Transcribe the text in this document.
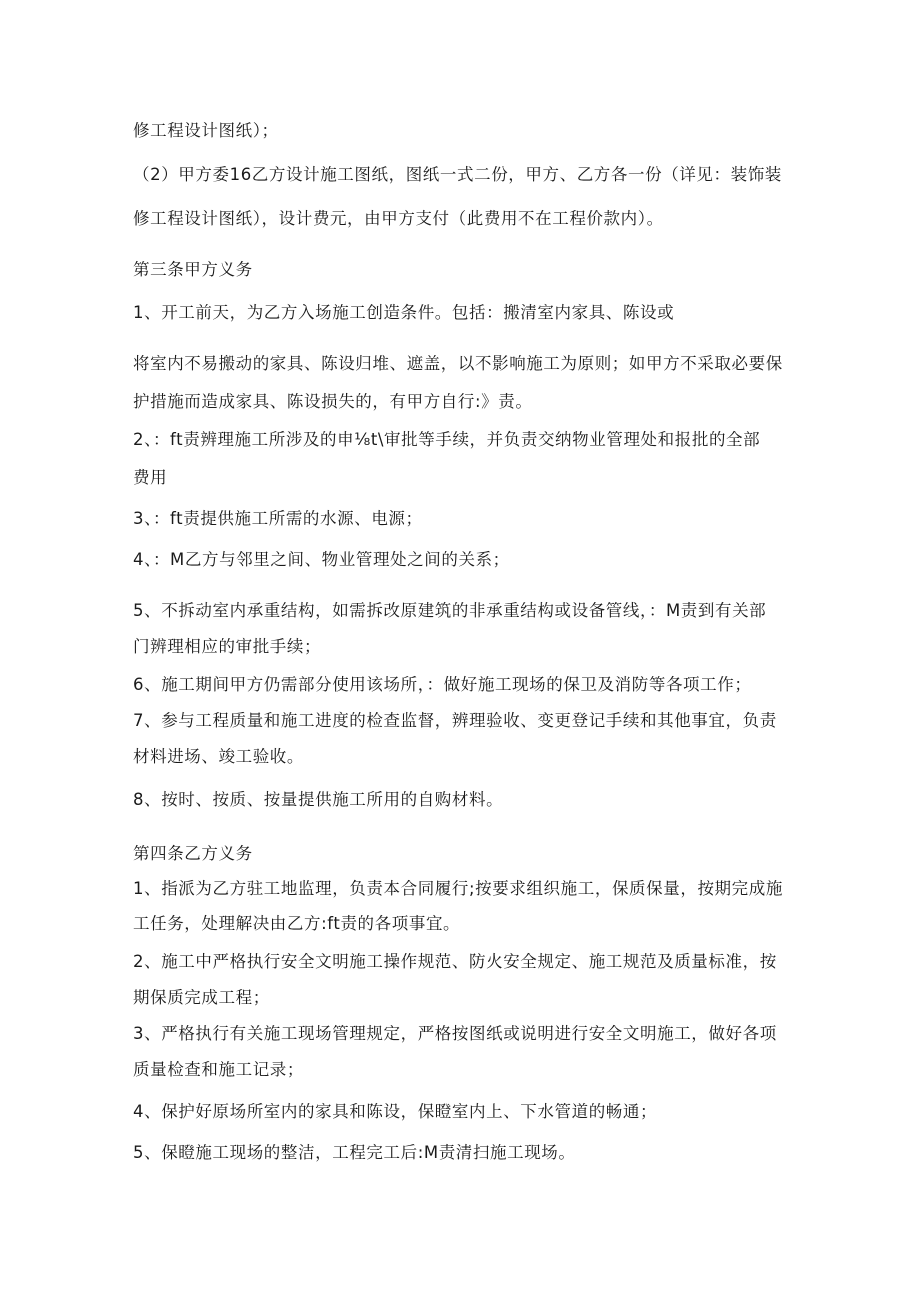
修工程设计图纸）；

（2）甲方委16乙方设计施工图纸，图纸一式二份，甲方、乙方各一份（详见：装饰装

修工程设计图纸），设计费元，由甲方支付（此费用不在工程价款内）。

第三条甲方义务

1、开工前天，为乙方入场施工创造条件。包括：搬清室内家具、陈设或

将室内不易搬动的家具、陈设归堆、遮盖，以不影响施工为原则；如甲方不采取必要保

护措施而造成家具、陈设损失的，有甲方自行:》责。

2、：ft责辨理施工所涉及的申⅛t\审批等手续，并负责交纳物业管理处和报批的全部

费用

3、：ft责提供施工所需的水源、电源；

4、：M乙方与邻里之间、物业管理处之间的关系；

5、不拆动室内承重结构，如需拆改原建筑的非承重结构或设备管线，：M责到有关部

门辨理相应的审批手续；

6、施工期间甲方仍需部分使用该场所，：做好施工现场的保卫及消防等各项工作；

7、参与工程质量和施工进度的检查监督，辨理验收、变更登记手续和其他事宜，负责

材料进场、竣工验收。

8、按时、按质、按量提供施工所用的自购材料。

第四条乙方义务

1、指派为乙方驻工地监理，负责本合同履行;按要求组织施工，保质保量，按期完成施

工任务，处理解决由乙方:ft责的各项事宜。

2、施工中严格执行安全文明施工操作规范、防火安全规定、施工规范及质量标准，按

期保质完成工程；

3、严格执行有关施工现场管理规定，严格按图纸或说明进行安全文明施工，做好各项

质量检查和施工记录；

4、保护好原场所室内的家具和陈设，保瞪室内上、下水管道的畅通；

5、保瞪施工现场的整洁，工程完工后:M责清扫施工现场。
